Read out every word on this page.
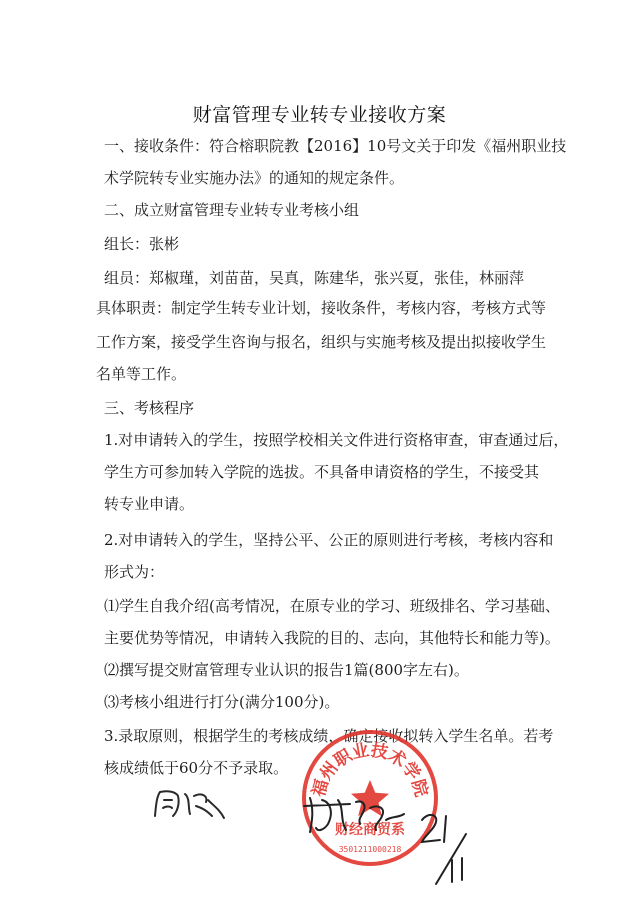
财富管理专业转专业接收方案
一、接收条件：符合榕职院教【2016】10号文关于印发《福州职业技
术学院转专业实施办法》的通知的规定条件。
二、成立财富管理专业转专业考核小组
组长：张彬
组员：郑椒瑾，刘苗苗，吴真，陈建华，张兴夏，张佳，林丽萍
具体职责：制定学生转专业计划，接收条件，考核内容，考核方式等
工作方案，接受学生咨询与报名，组织与实施考核及提出拟接收学生
名单等工作。
三、考核程序
1.对申请转入的学生，按照学校相关文件进行资格审查，审查通过后，
学生方可参加转入学院的选拔。不具备申请资格的学生，不接受其
转专业申请。
2.对申请转入的学生，坚持公平、公正的原则进行考核，考核内容和
形式为：
⑴学生自我介绍(高考情况，在原专业的学习、班级排名、学习基础、
主要优势等情况，申请转入我院的目的、志向，其他特长和能力等)。
⑵撰写提交财富管理专业认识的报告1篇(800字左右)。
⑶考核小组进行打分(满分100分)。
3.录取原则，根据学生的考核成绩，确定接收拟转入学生名单。若考
核成绩低于60分不予录取。
福州职业技术学院
财经商贸系
3501211000218
